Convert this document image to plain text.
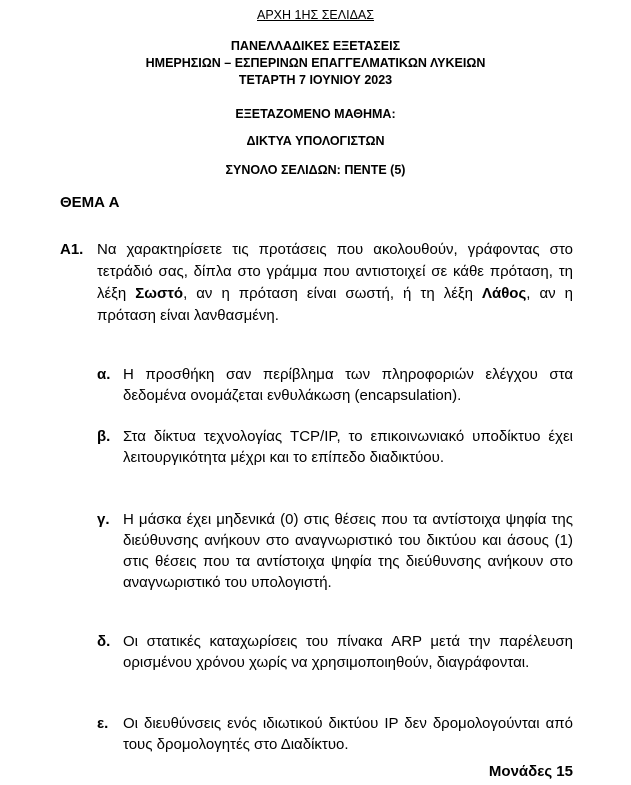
ΑΡΧΗ 1ΗΣ ΣΕΛΙΔΑΣ
ΠΑΝΕΛΛΑΔΙΚΕΣ ΕΞΕΤΑΣΕΙΣ
ΗΜΕΡΗΣΙΩΝ – ΕΣΠΕΡΙΝΩΝ ΕΠΑΓΓΕΛΜΑΤΙΚΩΝ ΛΥΚΕΙΩΝ
ΤΕΤΑΡΤΗ 7 ΙΟΥΝΙΟΥ 2023
ΕΞΕΤΑΖΟΜΕΝΟ ΜΑΘΗΜΑ:
ΔΙΚΤΥΑ ΥΠΟΛΟΓΙΣΤΩΝ
ΣΥΝΟΛΟ ΣΕΛΙΔΩΝ: ΠΕΝΤΕ (5)
ΘΕΜΑ Α
Α1. Να χαρακτηρίσετε τις προτάσεις που ακολουθούν, γράφοντας στο τετράδιό σας, δίπλα στο γράμμα που αντιστοιχεί σε κάθε πρόταση, τη λέξη Σωστό, αν η πρόταση είναι σωστή, ή τη λέξη Λάθος, αν η πρόταση είναι λανθασμένη.
α. Η προσθήκη σαν περίβλημα των πληροφοριών ελέγχου στα δεδομένα ονομάζεται ενθυλάκωση (encapsulation).
β. Στα δίκτυα τεχνολογίας TCP/IP, το επικοινωνιακό υποδίκτυο έχει λειτουργικότητα μέχρι και το επίπεδο διαδικτύου.
γ. Η μάσκα έχει μηδενικά (0) στις θέσεις που τα αντίστοιχα ψηφία της διεύθυνσης ανήκουν στο αναγνωριστικό του δικτύου και άσους (1) στις θέσεις που τα αντίστοιχα ψηφία της διεύθυνσης ανήκουν στο αναγνωριστικό του υπολογιστή.
δ. Οι στατικές καταχωρίσεις του πίνακα ARP μετά την παρέλευση ορισμένου χρόνου χωρίς να χρησιμοποιηθούν, διαγράφονται.
ε. Οι διευθύνσεις ενός ιδιωτικού δικτύου IP δεν δρομολογούνται από τους δρομολογητές στο Διαδίκτυο.
Μονάδες 15
